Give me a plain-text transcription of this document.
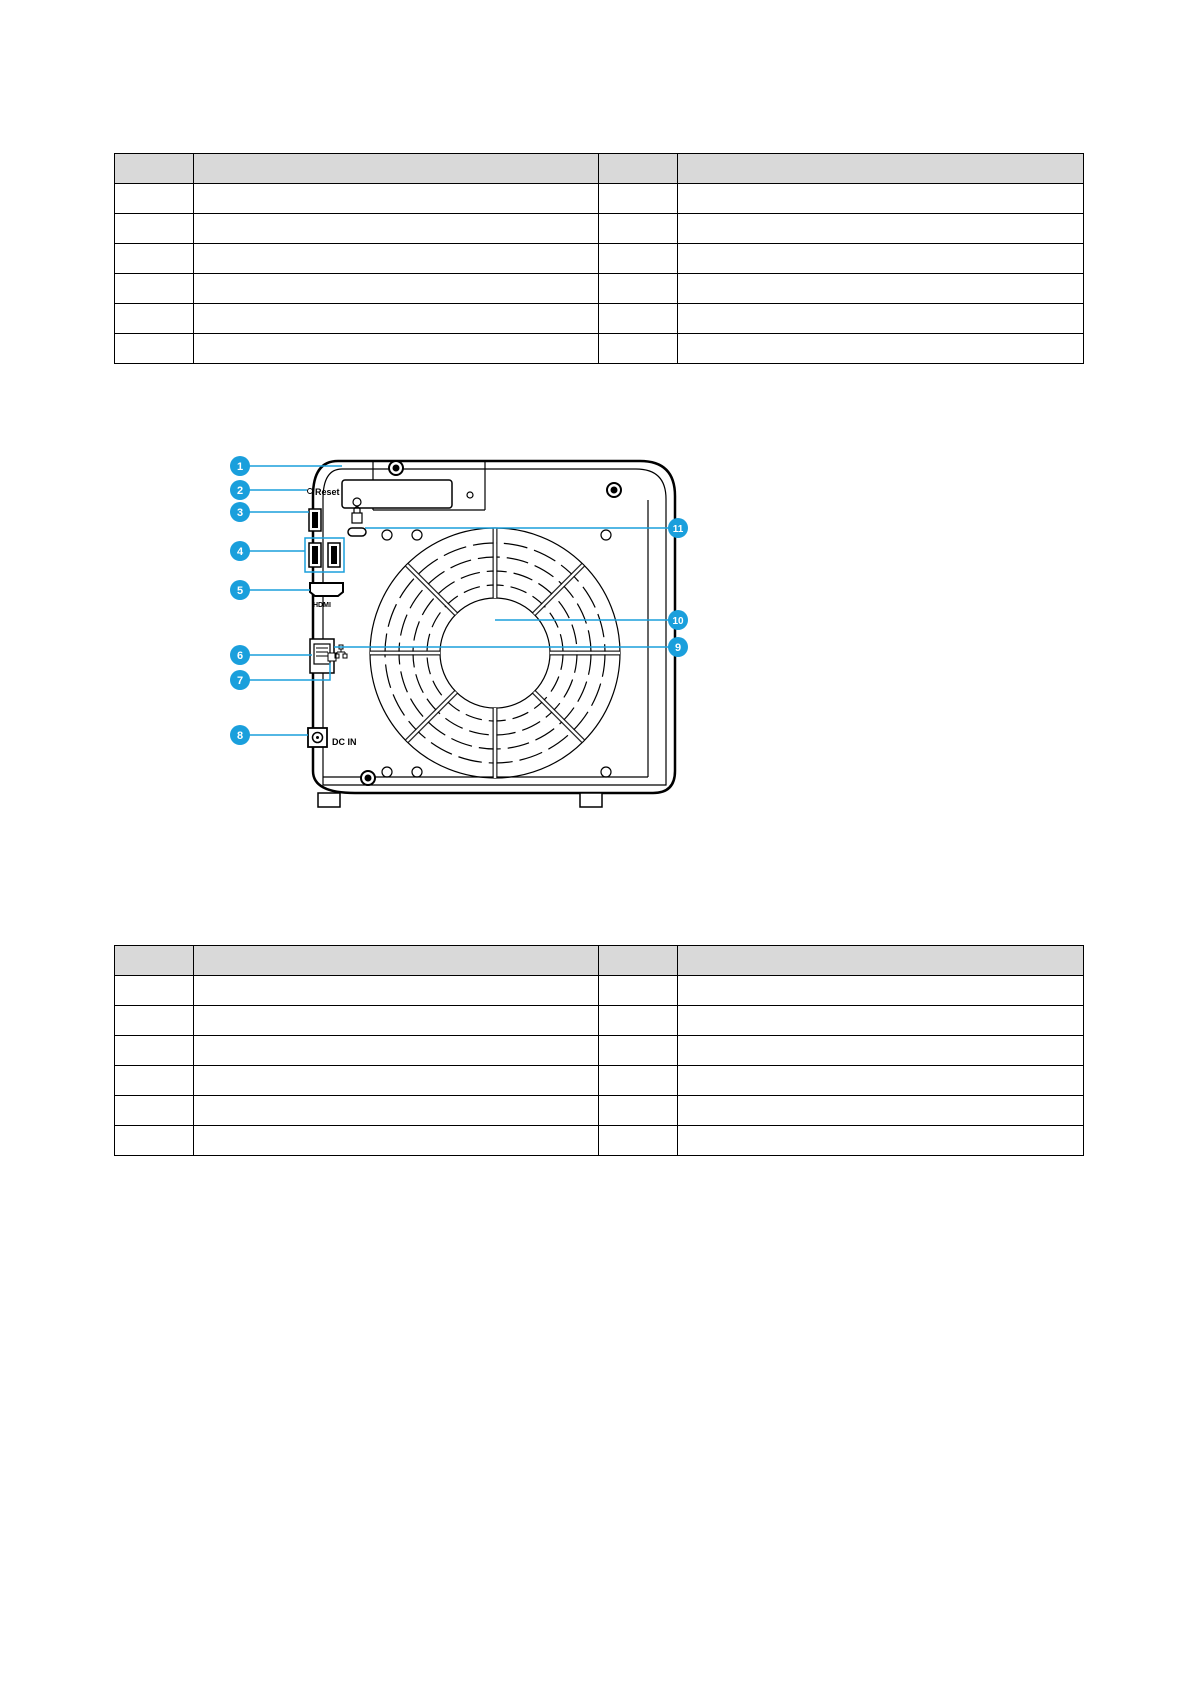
Reset
HDMI
DC IN
1
2
3
4
5
6
7
8
9
10
11
